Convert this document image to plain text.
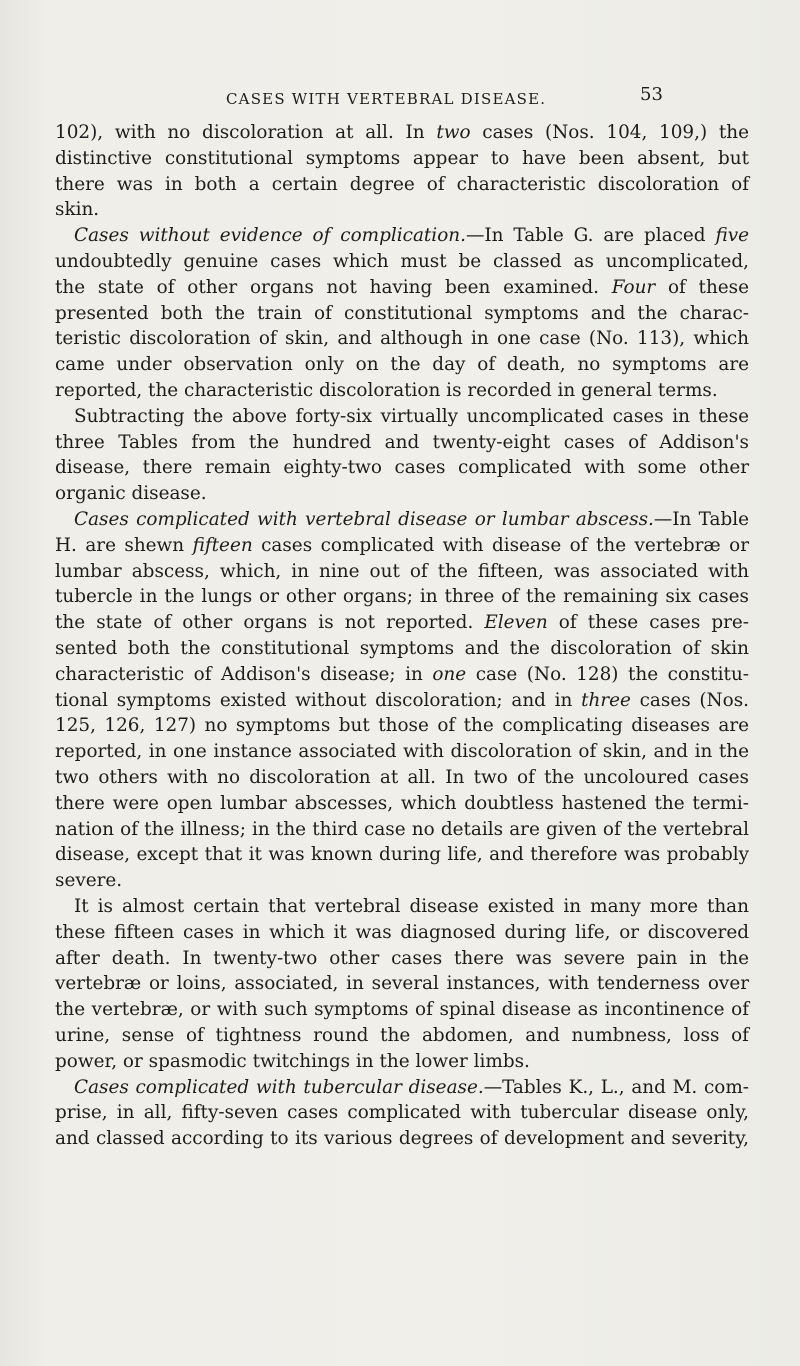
CASES WITH VERTEBRAL DISEASE.	53
102), with no discoloration at all. In two cases (Nos. 104, 109,) the
distinctive constitutional symptoms appear to have been absent, but
there was in both a certain degree of characteristic discoloration of
skin.
Cases without evidence of complication.—In Table G. are placed five
undoubtedly genuine cases which must be classed as uncomplicated,
the state of other organs not having been examined. Four of these
presented both the train of constitutional symptoms and the charac-
teristic discoloration of skin, and although in one case (No. 113), which
came under observation only on the day of death, no symptoms are
reported, the characteristic discoloration is recorded in general terms.
Subtracting the above forty-six virtually uncomplicated cases in these
three Tables from the hundred and twenty-eight cases of Addison's
disease, there remain eighty-two cases complicated with some other
organic disease.
Cases complicated with vertebral disease or lumbar abscess.—In Table
H. are shewn fifteen cases complicated with disease of the vertebræ or
lumbar abscess, which, in nine out of the fifteen, was associated with
tubercle in the lungs or other organs; in three of the remaining six cases
the state of other organs is not reported. Eleven of these cases pre-
sented both the constitutional symptoms and the discoloration of skin
characteristic of Addison's disease; in one case (No. 128) the constitu-
tional symptoms existed without discoloration; and in three cases (Nos.
125, 126, 127) no symptoms but those of the complicating diseases are
reported, in one instance associated with discoloration of skin, and in the
two others with no discoloration at all. In two of the uncoloured cases
there were open lumbar abscesses, which doubtless hastened the termi-
nation of the illness; in the third case no details are given of the vertebral
disease, except that it was known during life, and therefore was probably
severe.
It is almost certain that vertebral disease existed in many more than
these fifteen cases in which it was diagnosed during life, or discovered
after death. In twenty-two other cases there was severe pain in the
vertebræ or loins, associated, in several instances, with tenderness over
the vertebræ, or with such symptoms of spinal disease as incontinence of
urine, sense of tightness round the abdomen, and numbness, loss of
power, or spasmodic twitchings in the lower limbs.
Cases complicated with tubercular disease.—Tables K., L., and M. com-
prise, in all, fifty-seven cases complicated with tubercular disease only,
and classed according to its various degrees of development and severity,
